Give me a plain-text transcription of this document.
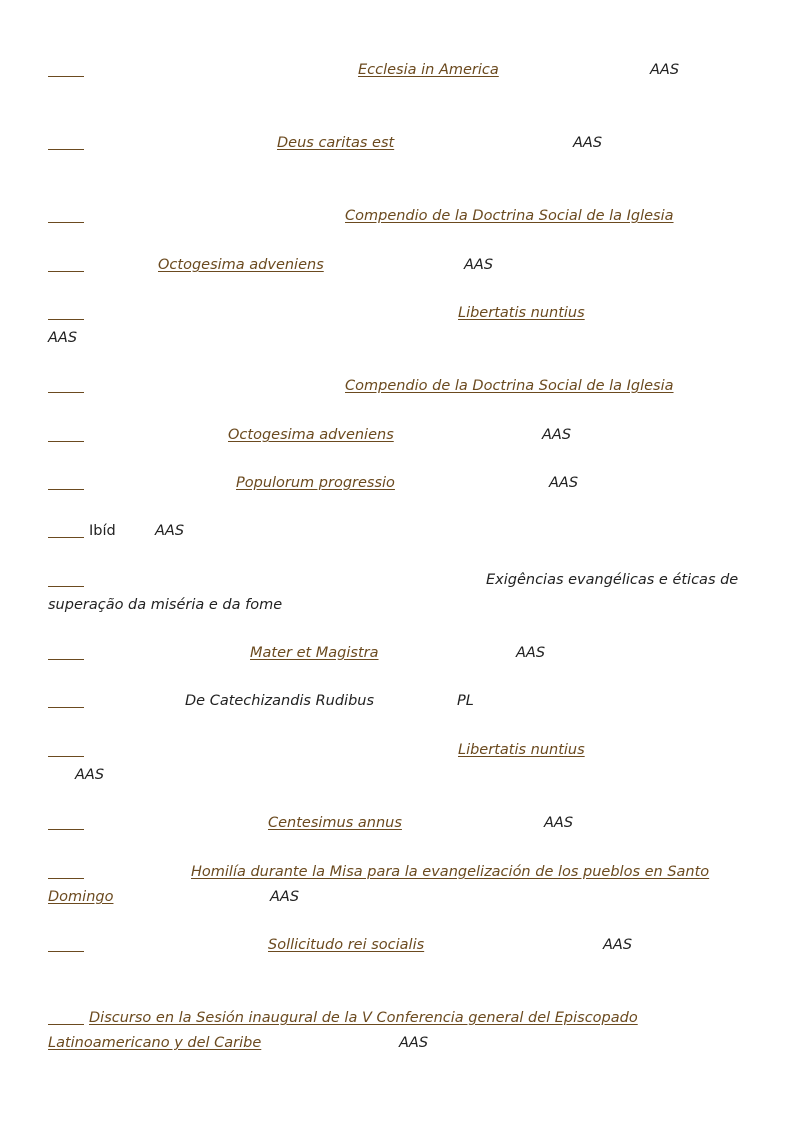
Ecclesia in America	AAS
Deus caritas est	AAS
Compendio de la Doctrina Social de la Iglesia
Octogesima adveniens	AAS
Libertatis nuntius
AAS
Compendio de la Doctrina Social de la Iglesia
Octogesima adveniens	AAS
Populorum progressio	AAS
Ibíd	AAS
Exigências evangélicas e éticas de
superação da miséria e da fome
Mater et Magistra	AAS
De Catechizandis Rudibus	PL
Libertatis nuntius
AAS
Centesimus annus	AAS
Homilía durante la Misa para la evangelización de los pueblos en Santo
Domingo	AAS
Sollicitudo rei socialis	AAS
Discurso en la Sesión inaugural de la V Conferencia general del Episcopado
Latinoamericano y del Caribe	AAS
